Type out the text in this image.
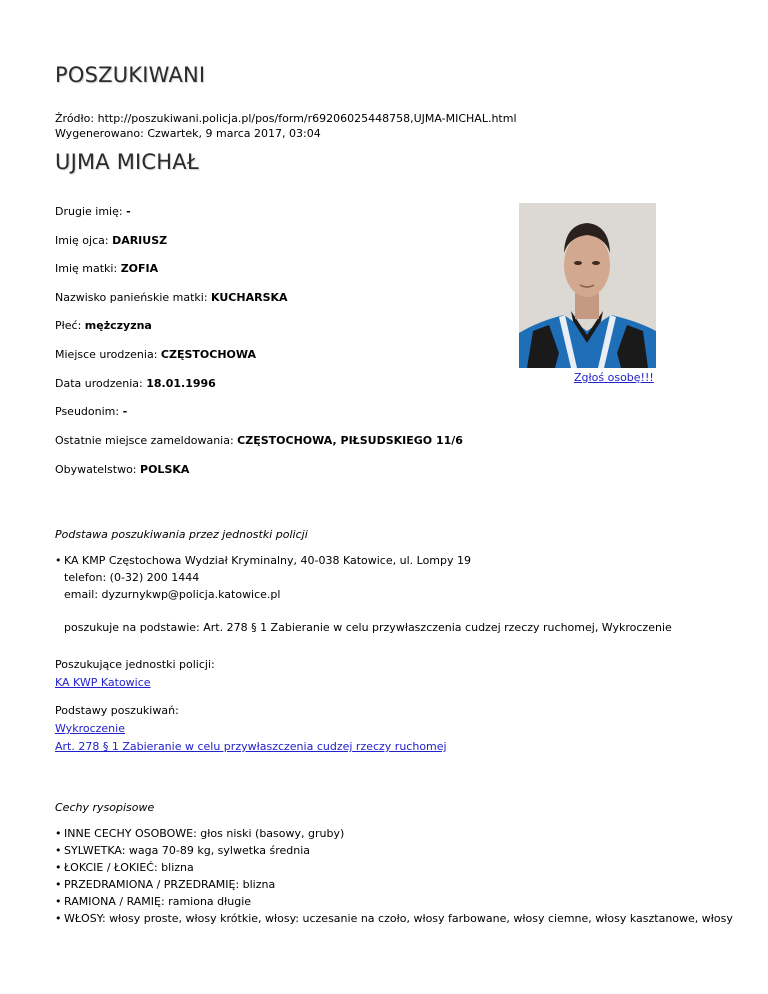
POSZUKIWANI
Źródło: http://poszukiwani.policja.pl/pos/form/r69206025448758,UJMA-MICHAL.html
Wygenerowano: Czwartek, 9 marca 2017, 03:04
UJMA MICHAŁ
Drugie imię: -
Imię ojca: DARIUSZ
Imię matki: ZOFIA
Nazwisko panieńskie matki: KUCHARSKA
Płeć: mężczyzna
Miejsce urodzenia: CZĘSTOCHOWA
Data urodzenia: 18.01.1996
Pseudonim: -
Ostatnie miejsce zameldowania: CZĘSTOCHOWA, PIŁSUDSKIEGO 11/6
Obywatelstwo: POLSKA
Zgłoś osobę!!!
Podstawa poszukiwania przez jednostki policji
• KA KMP Częstochowa Wydział Kryminalny, 40-038 Katowice, ul. Lompy 19
telefon: (0-32) 200 1444
email: dyzurnykwp@policja.katowice.pl
poszukuje na podstawie: Art. 278 § 1 Zabieranie w celu przywłaszczenia cudzej rzeczy ruchomej, Wykroczenie
Poszukujące jednostki policji:
KA KWP Katowice
Podstawy poszukiwań:
Wykroczenie
Art. 278 § 1 Zabieranie w celu przywłaszczenia cudzej rzeczy ruchomej
Cechy rysopisowe
• INNE CECHY OSOBOWE: głos niski (basowy, gruby)
• SYLWETKA: waga 70-89 kg, sylwetka średnia
• ŁOKCIE / ŁOKIEĆ: blizna
• PRZEDRAMIONA / PRZEDRAMIĘ: blizna
• RAMIONA / RAMIĘ: ramiona długie
• WŁOSY: włosy proste, włosy krótkie, włosy: uczesanie na czoło, włosy farbowane, włosy ciemne, włosy kasztanowe, włosy
